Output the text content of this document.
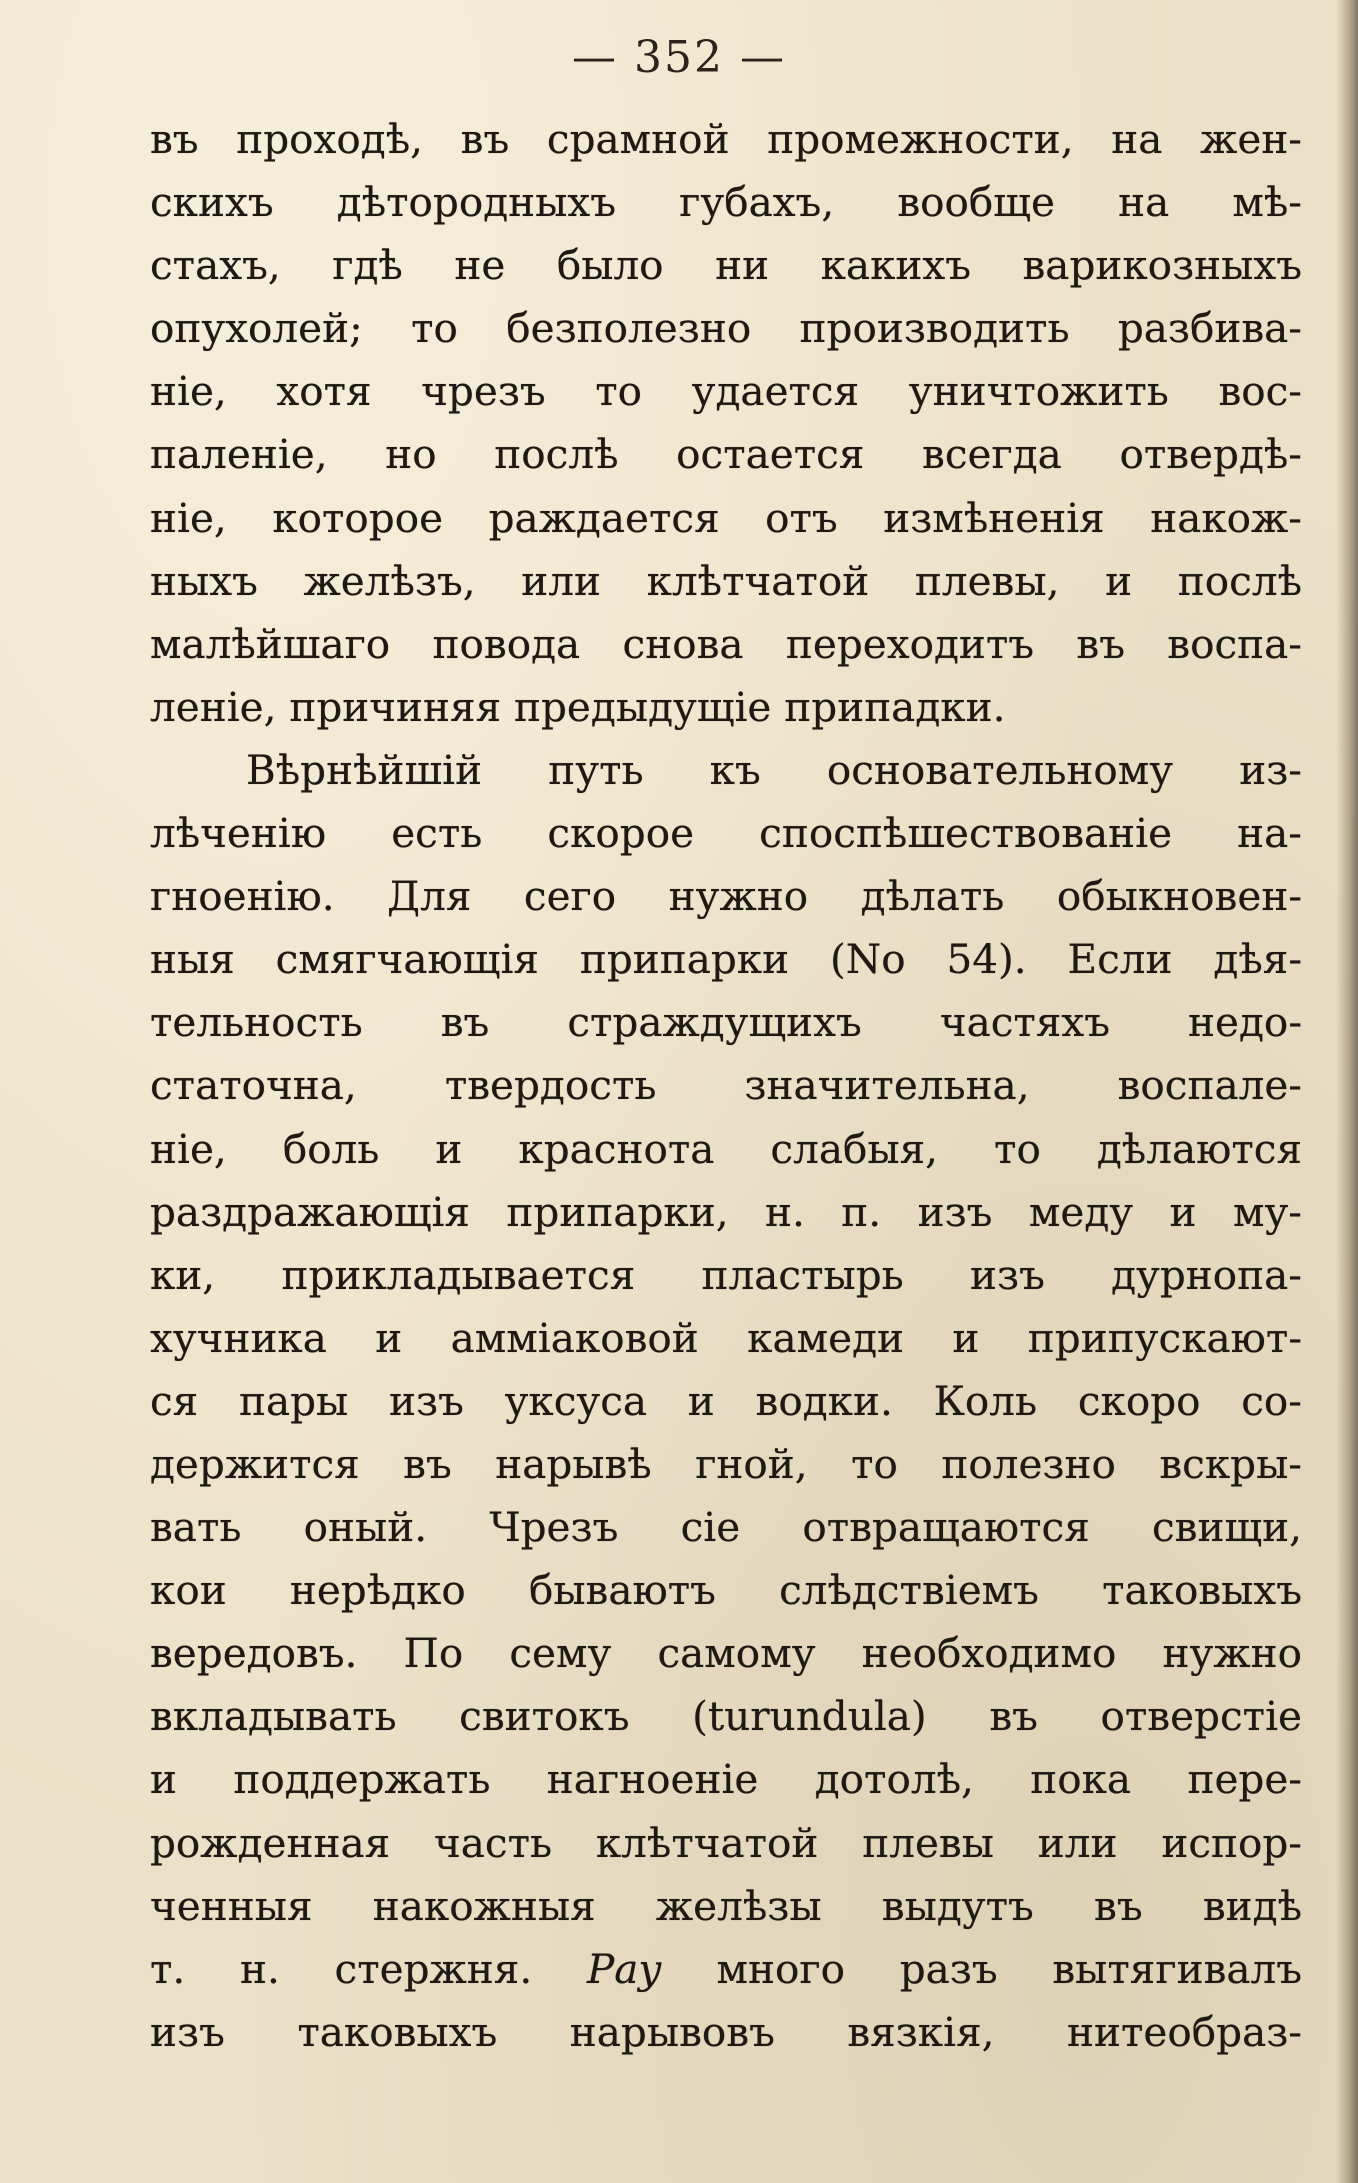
— 352 —
въ проходѣ, въ срамной промежности, на жен-
скихъ дѣтородныхъ губахъ, вообще на мѣ-
стахъ, гдѣ не было ни какихъ варикозныхъ
опухолей; то безполезно производить разбива-
ніе, хотя чрезъ то удается уничтожить вос-
паленіе, но послѣ остается всегда отвердѣ-
ніе, которое раждается отъ измѣненія накож-
ныхъ желѣзъ, или клѣтчатой плевы, и послѣ
малѣйшаго повода снова переходитъ въ воспа-
леніе, причиняя предыдущіе припадки.
Вѣрнѣйшій путь къ основательному из-
лѣченію есть скорое споспѣшествованіе на-
гноенію. Для сего нужно дѣлать обыкновен-
ныя смягчающія припарки (No 54). Если дѣя-
тельность въ страждущихъ частяхъ недо-
статочна, твердость значительна, воспале-
ніе, боль и краснота слабыя, то дѣлаются
раздражающія припарки, н. п. изъ меду и му-
ки, прикладывается пластырь изъ дурнопа-
хучника и амміаковой камеди и припускают-
ся пары изъ уксуса и водки. Коль скоро со-
держится въ нарывѣ гной, то полезно вскры-
вать оный. Чрезъ сіе отвращаются свищи,
кои нерѣдко бываютъ слѣдствіемъ таковыхъ
вередовъ. По сему самому необходимо нужно
вкладывать свитокъ (turundula) въ отверстіе
и поддержать нагноеніе дотолѣ, пока пере-
рожденная часть клѣтчатой плевы или испор-
ченныя накожныя желѣзы выдутъ въ видѣ
т. н. стержня. Рау много разъ вытягивалъ
изъ таковыхъ нарывовъ вязкія, нитеобраз-
